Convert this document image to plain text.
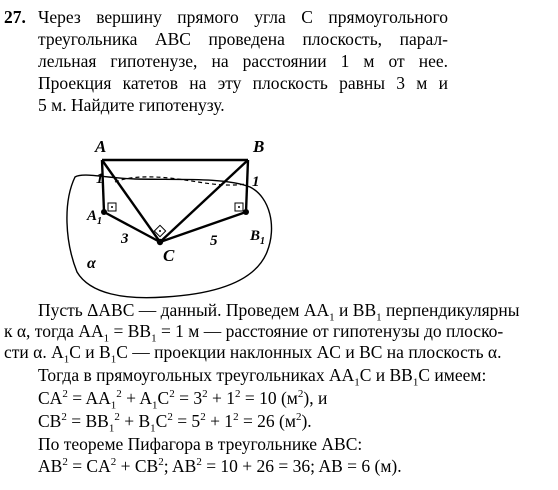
27. Через вершину прямого угла С прямоугольного
треугольника АВС проведена плоскость, парал-
лельная гипотенузе, на расстоянии 1 м от нее.
Проекция катетов на эту плоскость равны 3 м и
5 м. Найдите гипотенузу.
A	B
$A_1$
$B_1$
C
α
1	1
3	5
Пусть ΔABC — данный. Проведем $AA_1$ и $BB_1$ перпендикулярны
к α, тогда $AA_1 = BB_1 = 1$ м — расстояние от гипотенузы до плоско-
сти α. $A_1C$ и $B_1C$ — проекции наклонных AC и BC на плоскость α.
Тогда в прямоугольных треугольниках $AA_1C$ и $BB_1C$ имеем:
$CA^2 = AA_1^2 + A_1C^2 = 3^2 + 1^2 = 10$ $(м^2)$, и
$CB^2 = BB_1^2 + B_1C^2 = 5^2 + 1^2 = 26$ $(м^2)$.
По теореме Пифагора в треугольнике ABC:
$AB^2 = CA^2 + CB^2$; $AB^2 = 10 + 26 = 36$; AB = 6 (м).
